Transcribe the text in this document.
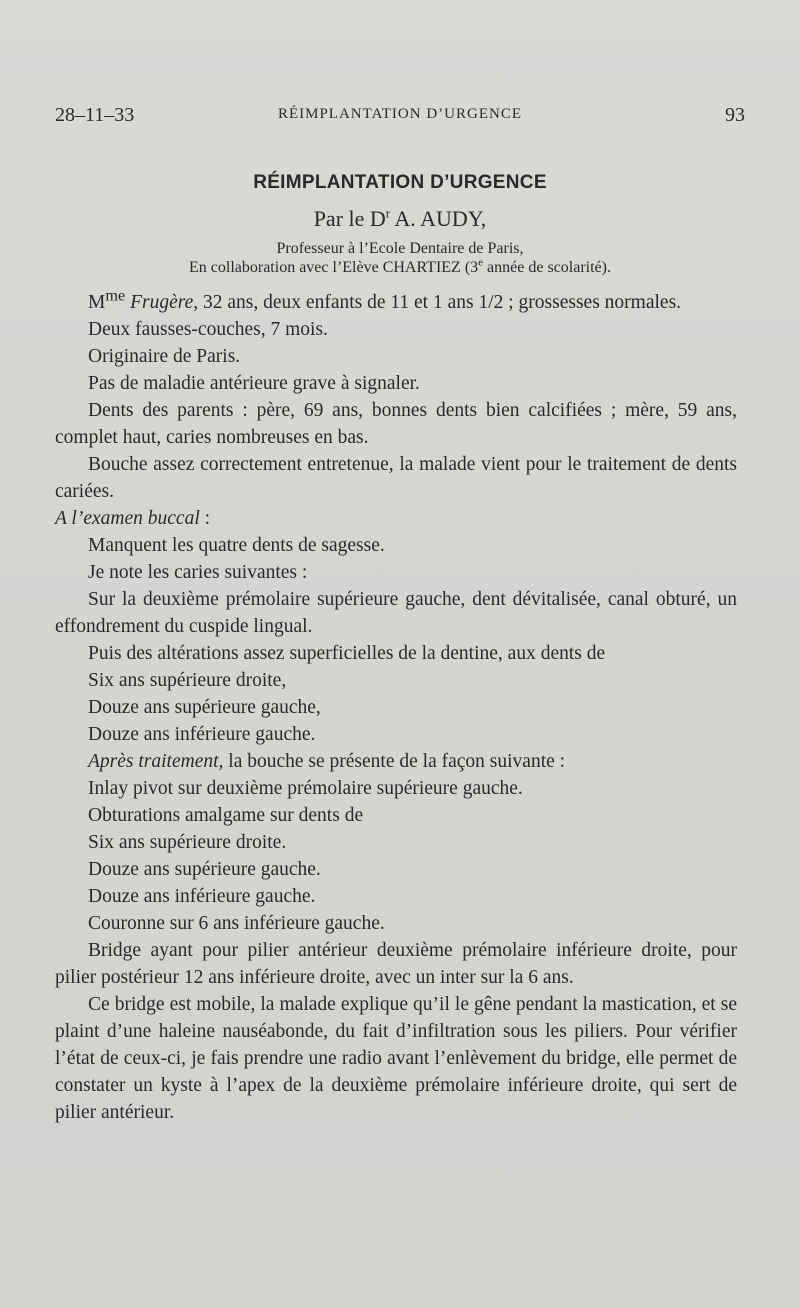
28–11–33	RÉIMPLANTATION D’URGENCE	93
RÉIMPLANTATION D’URGENCE
Par le $D^r$ A. AUDY,
Professeur à l’Ecole Dentaire de Paris,
En collaboration avec l’Elève CHARTIEZ (3e année de scolarité).

$M^{me}$ Frugère, 32 ans, deux enfants de 11 et 1 ans 1/2 ; grossesses normales.

Deux fausses-couches, 7 mois.

Originaire de Paris.

Pas de maladie antérieure grave à signaler.

Dents des parents : père, 69 ans, bonnes dents bien calcifiées ; mère, 59 ans, complet haut, caries nombreuses en bas.

Bouche assez correctement entretenue, la malade vient pour le traitement de dents cariées.

A l’examen buccal :

Manquent les quatre dents de sagesse.

Je note les caries suivantes :

Sur la deuxième prémolaire supérieure gauche, dent dévitalisée, canal obturé, un effondrement du cuspide lingual.

Puis des altérations assez superficielles de la dentine, aux dents de

Six ans supérieure droite,

Douze ans supérieure gauche,

Douze ans inférieure gauche.

Après traitement, la bouche se présente de la façon suivante :

Inlay pivot sur deuxième prémolaire supérieure gauche.

Obturations amalgame sur dents de

Six ans supérieure droite.

Douze ans supérieure gauche.

Douze ans inférieure gauche.

Couronne sur 6 ans inférieure gauche.

Bridge ayant pour pilier antérieur deuxième prémolaire inférieure droite, pour pilier postérieur 12 ans inférieure droite, avec un inter sur la 6 ans.

Ce bridge est mobile, la malade explique qu’il le gêne pendant la mastication, et se plaint d’une haleine nauséabonde, du fait d’infiltration sous les piliers. Pour vérifier l’état de ceux-ci, je fais prendre une radio avant l’enlèvement du bridge, elle permet de constater un kyste à l’apex de la deuxième prémolaire inférieure droite, qui sert de pilier antérieur.
